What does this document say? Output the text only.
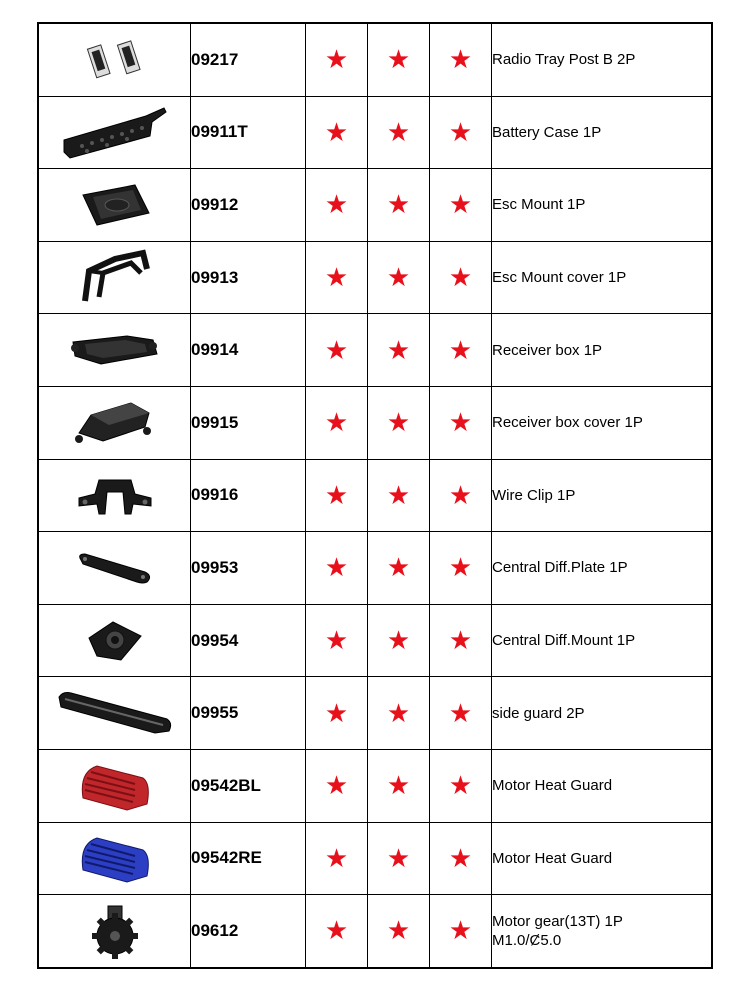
	09217	★	★	★	Radio Tray Post B 2P

	09911T	★	★	★	Battery Case 1P

	09912	★	★	★	Esc Mount 1P

	09913	★	★	★	Esc Mount cover 1P

	09914	★	★	★	Receiver box 1P

	09915	★	★	★	Receiver box cover 1P

	09916	★	★	★	Wire Clip 1P

	09953	★	★	★	Central Diff.Plate 1P

	09954	★	★	★	Central Diff.Mount 1P

	09955	★	★	★	side guard 2P

	09542BL	★	★	★	Motor Heat Guard

	09542RE	★	★	★	Motor Heat Guard

	09612	★	★	★	Motor gear(13T) 1P
M1.0/Ȼ5.0
